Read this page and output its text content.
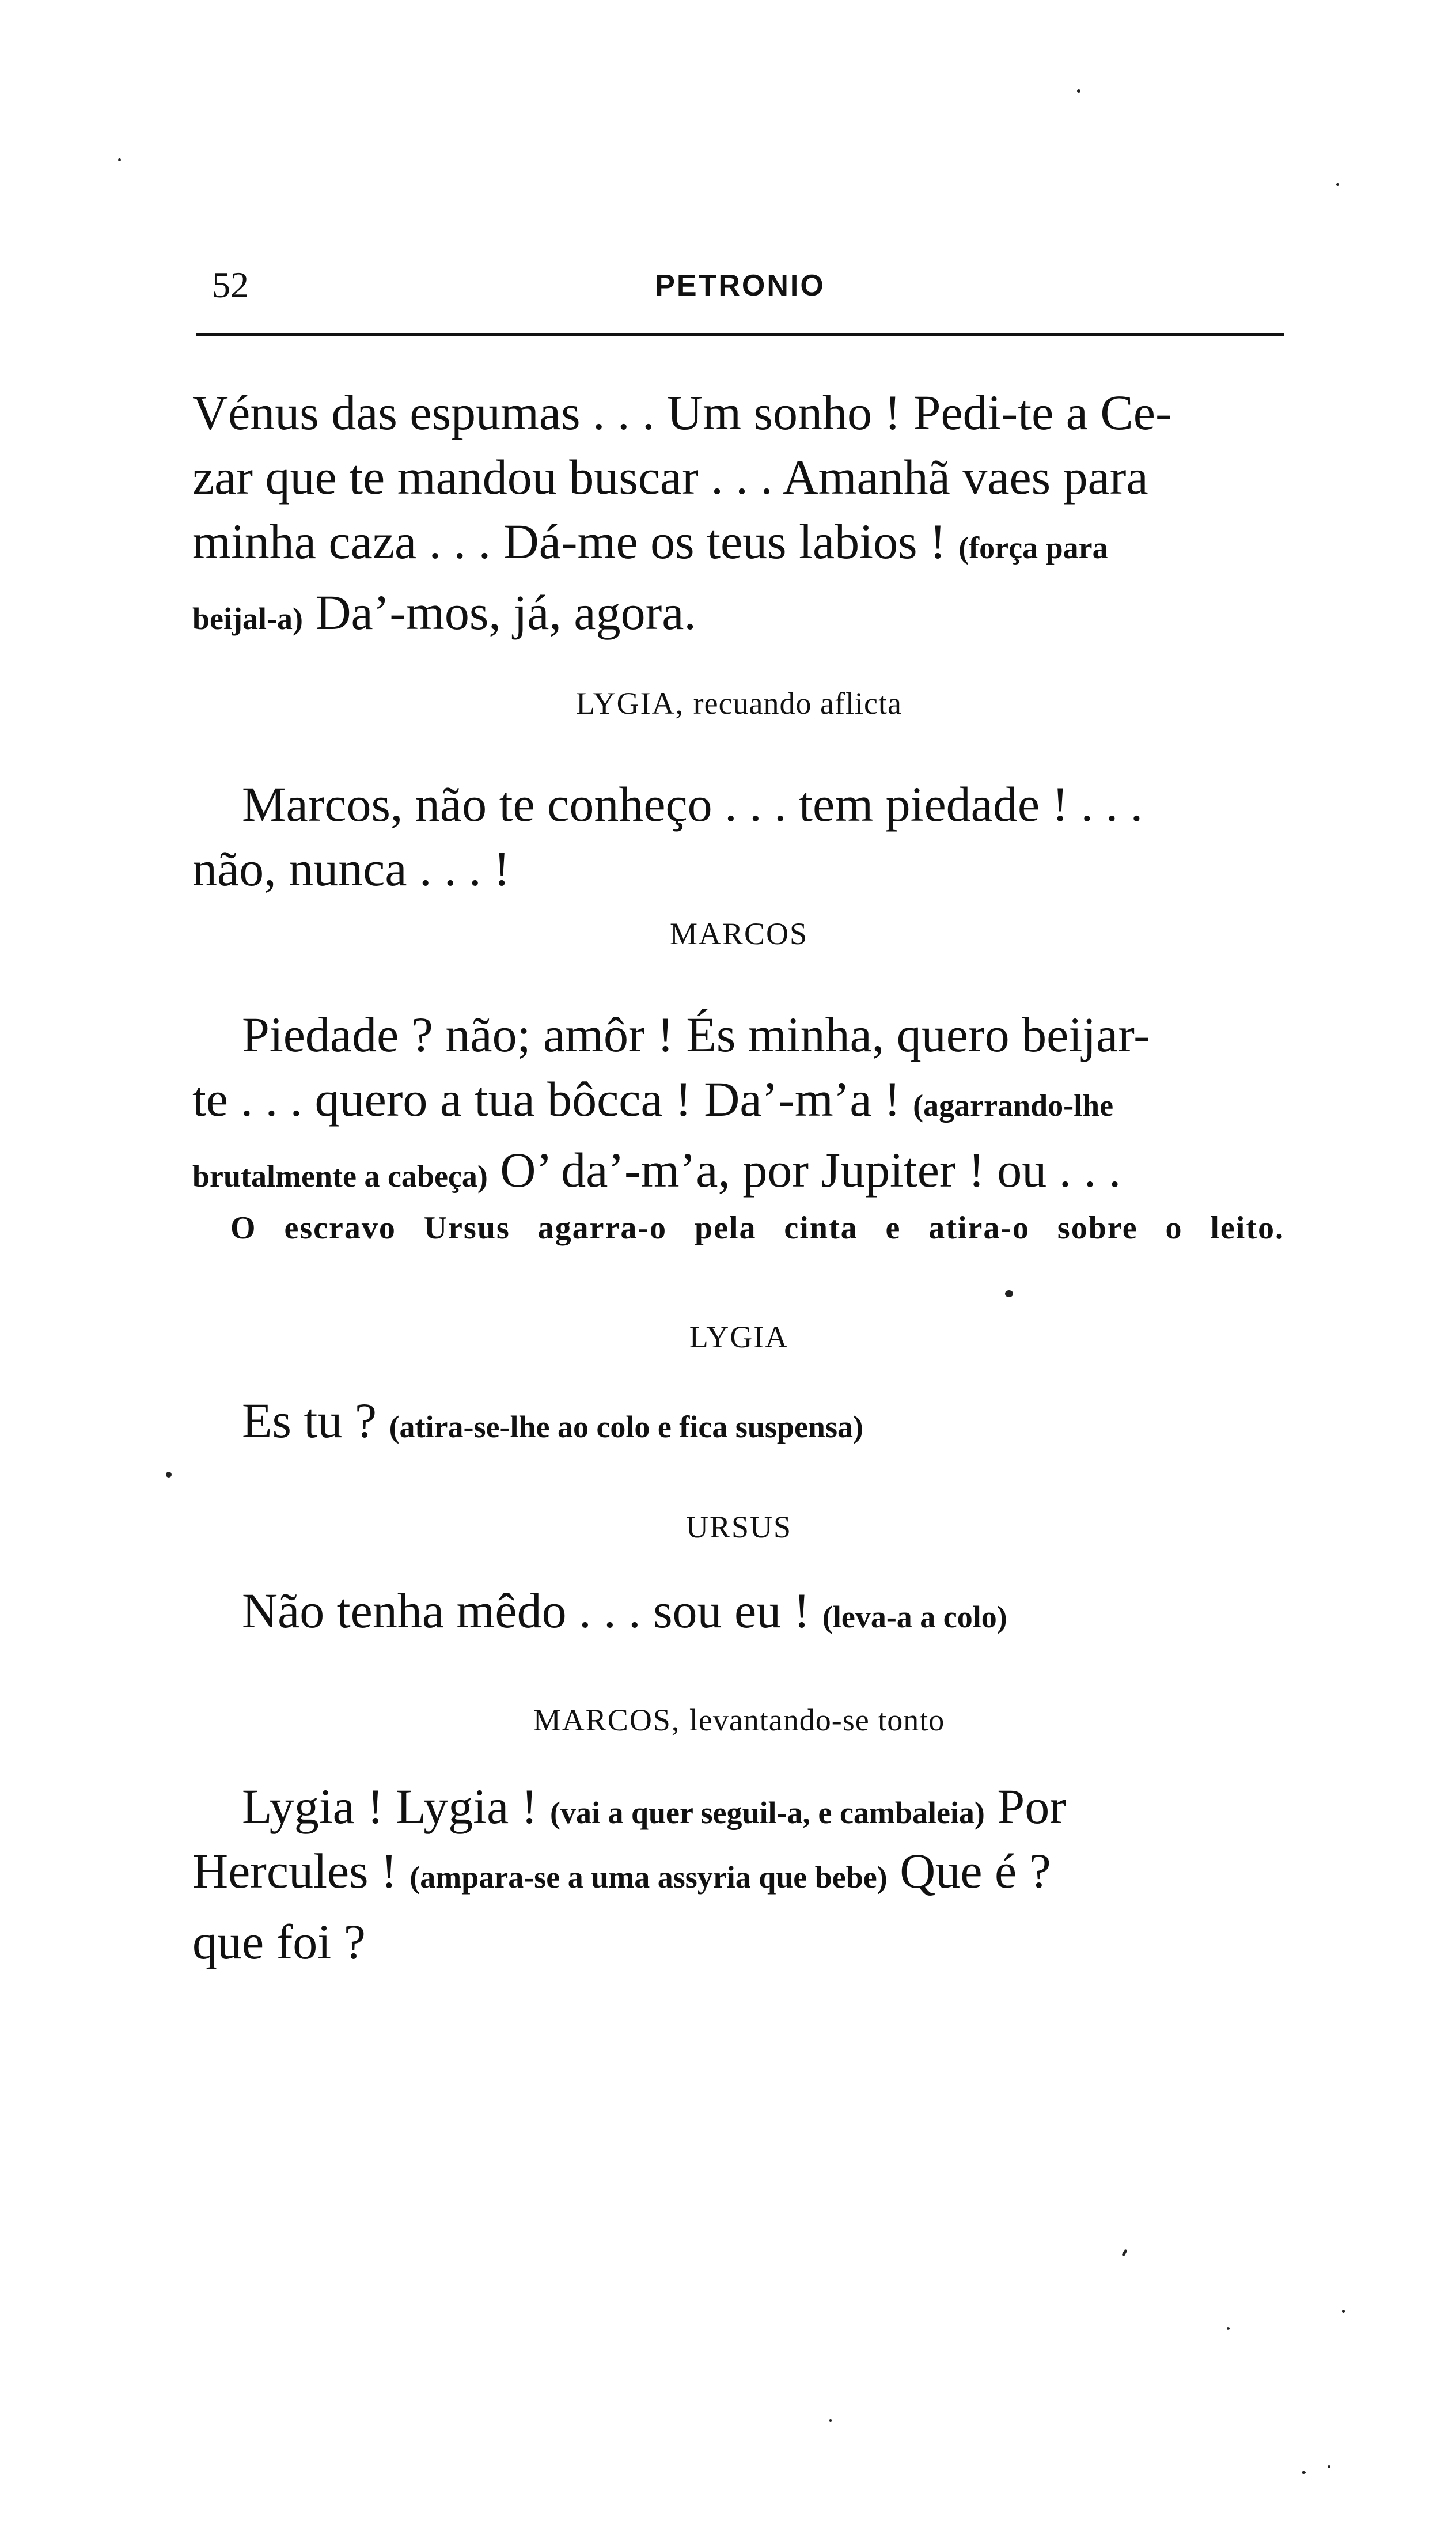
52	PETRONIO
Vénus das espumas . . . Um sonho ! Pedi-te a Ce-
zar que te mandou buscar . . . Amanhã vaes para
minha caza . . . Dá-me os teus labios ! (força para
beijal-a) Da’-mos, já, agora.
LYGIA, recuando aflicta
Marcos, não te conheço . . . tem piedade ! . . .
não, nunca . . . !
MARCOS
Piedade ? não; amôr ! És minha, quero beijar-
te . . . quero a tua bôcca ! Da’-m’a ! (agarrando-lhe
brutalmente a cabeça) O’ da’-m’a, por Jupiter ! ou . . .
O escravo Ursus agarra-o pela cinta e atira-o sobre o leito.
LYGIA
Es tu ? (atira-se-lhe ao colo e fica suspensa)
URSUS
Não tenha mêdo . . . sou eu ! (leva-a a colo)
MARCOS, levantando-se tonto
Lygia ! Lygia ! (vai a quer seguil-a, e cambaleia) Por
Hercules ! (ampara-se a uma assyria que bebe) Que é ?
que foi ?
